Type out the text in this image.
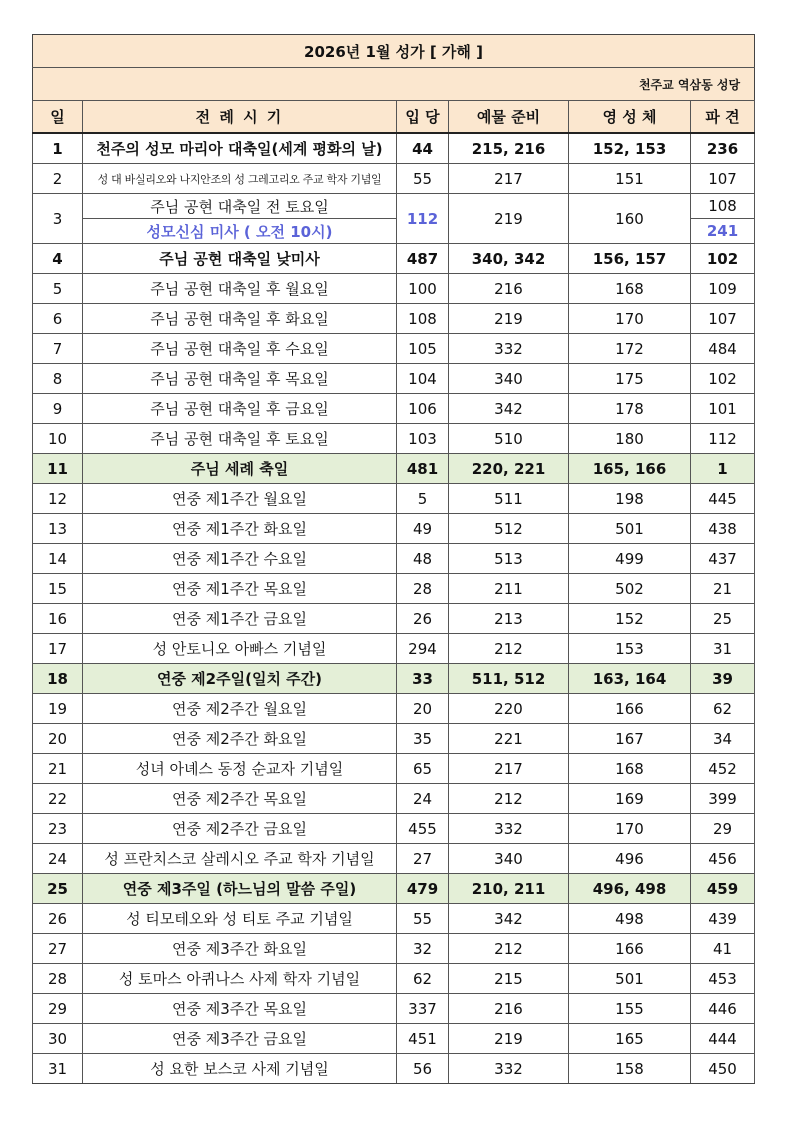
2026년 1월 성가 [ 가해 ]					
천주교 역삼동 성당					
일	전 례 시 기	입 당	예물 준비	영 성 체	파 견
1	천주의 성모 마리아 대축일(세계 평화의 날)	44	215, 216	152, 153	236
2	성 대 바실리오와 나지안조의 성 그레고리오 주교 학자 기념일	55	217	151	107
3	주님 공현 대축일 전 토요일	112	219	160	108
	성모신심 미사 ( 오전 10시)				241
4	주님 공현 대축일 낮미사	487	340, 342	156, 157	102
5	주님 공현 대축일 후 월요일	100	216	168	109
6	주님 공현 대축일 후 화요일	108	219	170	107
7	주님 공현 대축일 후 수요일	105	332	172	484
8	주님 공현 대축일 후 목요일	104	340	175	102
9	주님 공현 대축일 후 금요일	106	342	178	101
10	주님 공현 대축일 후 토요일	103	510	180	112
11	주님 세례 축일	481	220, 221	165, 166	1
12	연중 제1주간 월요일	5	511	198	445
13	연중 제1주간 화요일	49	512	501	438
14	연중 제1주간 수요일	48	513	499	437
15	연중 제1주간 목요일	28	211	502	21
16	연중 제1주간 금요일	26	213	152	25
17	성 안토니오 아빠스 기념일	294	212	153	31
18	연중 제2주일(일치 주간)	33	511, 512	163, 164	39
19	연중 제2주간 월요일	20	220	166	62
20	연중 제2주간 화요일	35	221	167	34
21	성녀 아녜스 동정 순교자 기념일	65	217	168	452
22	연중 제2주간 목요일	24	212	169	399
23	연중 제2주간 금요일	455	332	170	29
24	성 프란치스코 살레시오 주교 학자 기념일	27	340	496	456
25	연중 제3주일 (하느님의 말씀 주일)	479	210, 211	496, 498	459
26	성 티모테오와 성 티토 주교 기념일	55	342	498	439
27	연중 제3주간 화요일	32	212	166	41
28	성 토마스 아퀴나스 사제 학자 기념일	62	215	501	453
29	연중 제3주간 목요일	337	216	155	446
30	연중 제3주간 금요일	451	219	165	444
31	성 요한 보스코 사제 기념일	56	332	158	450
